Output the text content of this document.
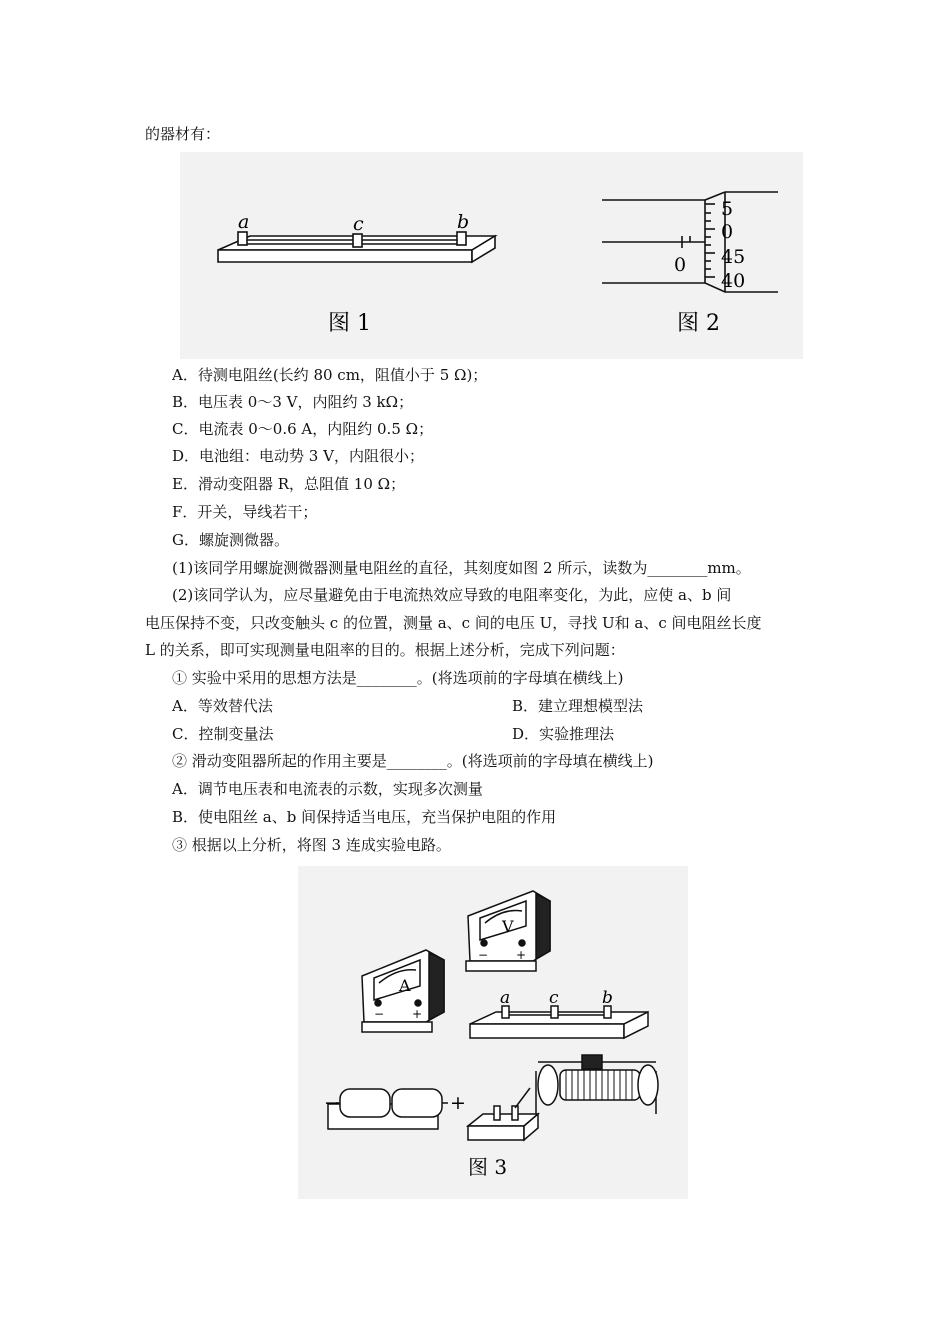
的器材有：
a	c	b
图 1
5
0
45
40
0
图 2
A．待测电阻丝(长约 80 cm，阻值小于 5 Ω)；
B．电压表 0～3 V，内阻约 3 kΩ；
C．电流表 0～0.6 A，内阻约 0.5 Ω；
D．电池组：电动势 3 V，内阻很小；
E．滑动变阻器 R，总阻值 10 Ω；
F．开关，导线若干；
G．螺旋测微器。
(1)该同学用螺旋测微器测量电阻丝的直径，其刻度如图 2 所示，读数为________mm。
(2)该同学认为，应尽量避免由于电流热效应导致的电阻率变化，为此，应使 a、b 间
电压保持不变，只改变触头 c 的位置，测量 a、c 间的电压 U，寻找 U和 a、c 间电阻丝长度
L 的关系，即可实现测量电阻率的目的。根据上述分析，完成下列问题：
① 实验中采用的思想方法是________。(将选项前的字母填在横线上)
A．等效替代法	B．建立理想模型法
C．控制变量法	D．实验推理法
② 滑动变阻器所起的作用主要是________。(将选项前的字母填在横线上)
A．调节电压表和电流表的示数，实现多次测量
B．使电阻丝 a、b 间保持适当电压，充当保护电阻的作用
③ 根据以上分析，将图 3 连成实验电路。
V
− +
A
− +
a c	b
−	+
图 3
